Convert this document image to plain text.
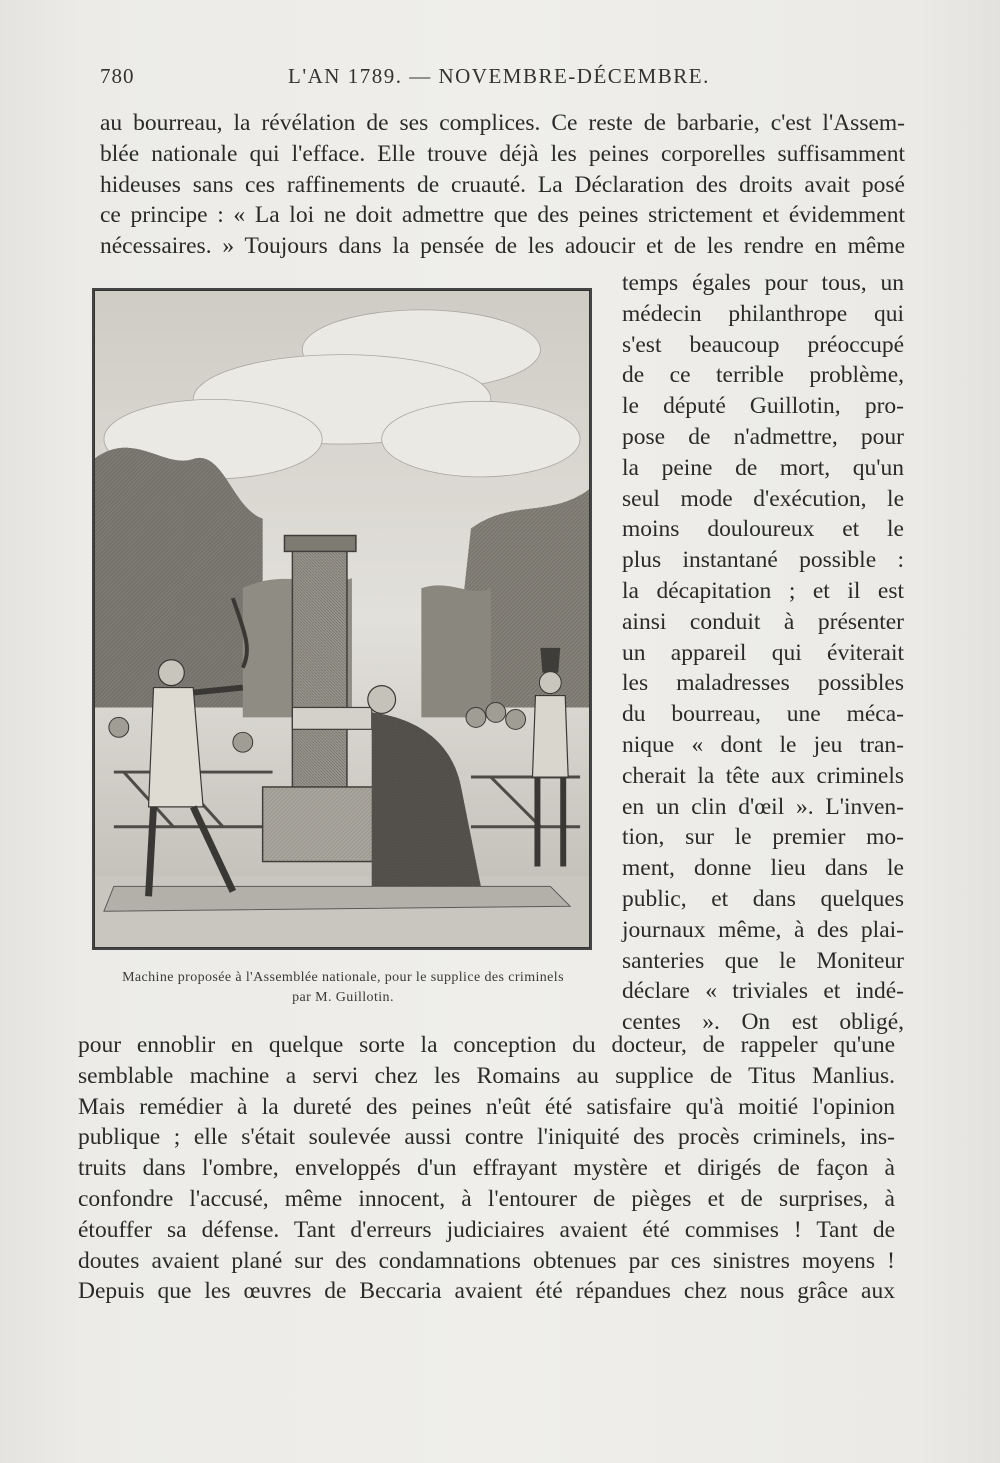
780	L'AN 1789. — NOVEMBRE-DÉCEMBRE.
au bourreau, la révélation de ses complices. Ce reste de barbarie, c'est l'Assem-
blée nationale qui l'efface. Elle trouve déjà les peines corporelles suffisamment
hideuses sans ces raffinements de cruauté. La Déclaration des droits avait posé
ce principe : « La loi ne doit admettre que des peines strictement et évidemment
nécessaires. » Toujours dans la pensée de les adoucir et de les rendre en même
Machine proposée à l'Assemblée nationale, pour le supplice des criminels
par M. Guillotin.
temps égales pour tous, un
médecin philanthrope qui
s'est beaucoup préoccupé
de ce terrible problème,
le député Guillotin, pro-
pose de n'admettre, pour
la peine de mort, qu'un
seul mode d'exécution, le
moins douloureux et le
plus instantané possible :
la décapitation ; et il est
ainsi conduit à présenter
un appareil qui éviterait
les maladresses possibles
du bourreau, une méca-
nique « dont le jeu tran-
cherait la tête aux criminels
en un clin d'œil ». L'inven-
tion, sur le premier mo-
ment, donne lieu dans le
public, et dans quelques
journaux même, à des plai-
santeries que le Moniteur
déclare « triviales et indé-
centes ». On est obligé,
pour ennoblir en quelque sorte la conception du docteur, de rappeler qu'une
semblable machine a servi chez les Romains au supplice de Titus Manlius.
Mais remédier à la dureté des peines n'eût été satisfaire qu'à moitié l'opinion
publique ; elle s'était soulevée aussi contre l'iniquité des procès criminels, ins-
truits dans l'ombre, enveloppés d'un effrayant mystère et dirigés de façon à
confondre l'accusé, même innocent, à l'entourer de pièges et de surprises, à
étouffer sa défense. Tant d'erreurs judiciaires avaient été commises ! Tant de
doutes avaient plané sur des condamnations obtenues par ces sinistres moyens !
Depuis que les œuvres de Beccaria avaient été répandues chez nous grâce aux
